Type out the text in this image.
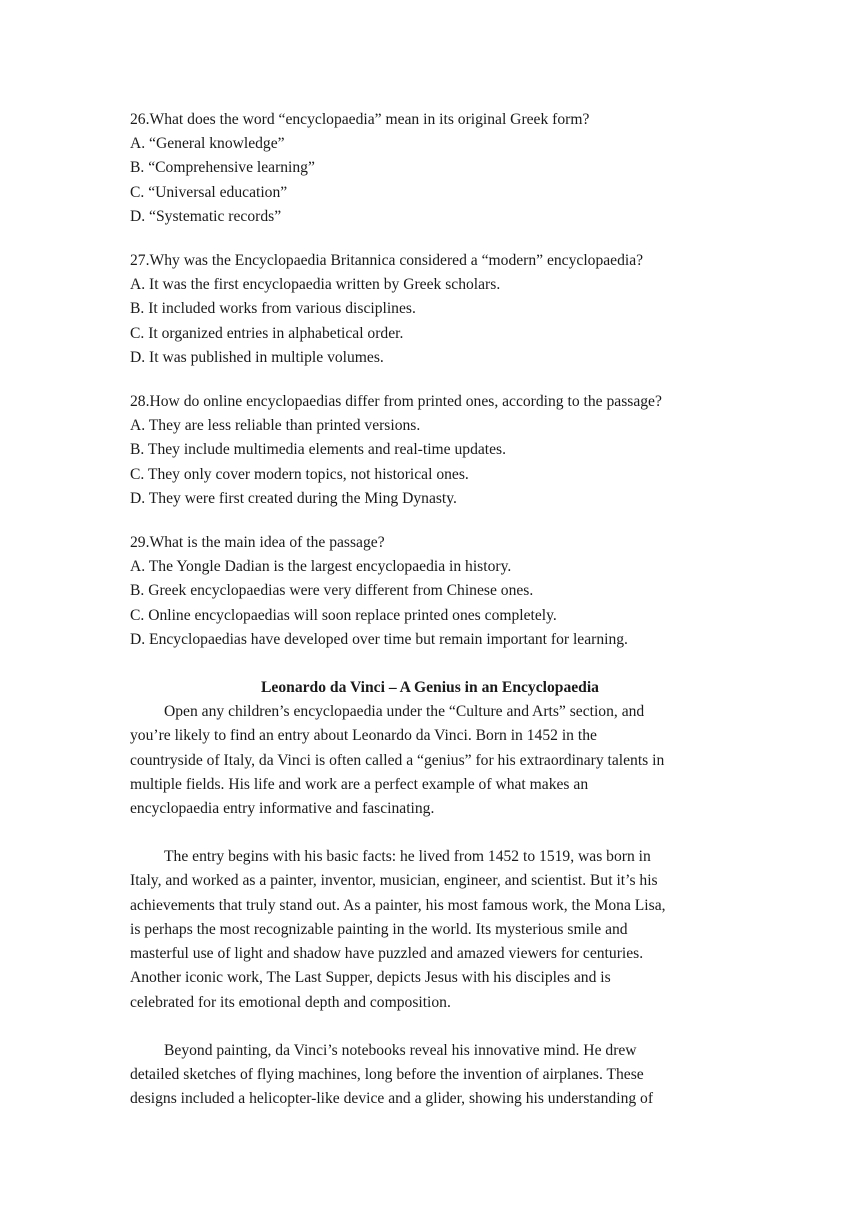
26.What does the word “encyclopaedia” mean in its original Greek form?
A. “General knowledge”
B. “Comprehensive learning”
C. “Universal education”
D. “Systematic records”
27.Why was the Encyclopaedia Britannica considered a “modern” encyclopaedia?
A. It was the first encyclopaedia written by Greek scholars.
B. It included works from various disciplines.
C. It organized entries in alphabetical order.
D. It was published in multiple volumes.
28.How do online encyclopaedias differ from printed ones, according to the passage?
A. They are less reliable than printed versions.
B. They include multimedia elements and real-time updates.
C. They only cover modern topics, not historical ones.
D. They were first created during the Ming Dynasty.
29.What is the main idea of the passage?
A. The Yongle Dadian is the largest encyclopaedia in history.
B. Greek encyclopaedias were very different from Chinese ones.
C. Online encyclopaedias will soon replace printed ones completely.
D. Encyclopaedias have developed over time but remain important for learning.
Leonardo da Vinci – A Genius in an Encyclopaedia
Open any children’s encyclopaedia under the “Culture and Arts” section, and
you’re likely to find an entry about Leonardo da Vinci. Born in 1452 in the
countryside of Italy, da Vinci is often called a “genius” for his extraordinary talents in
multiple fields. His life and work are a perfect example of what makes an
encyclopaedia entry informative and fascinating.
The entry begins with his basic facts: he lived from 1452 to 1519, was born in
Italy, and worked as a painter, inventor, musician, engineer, and scientist. But it’s his
achievements that truly stand out. As a painter, his most famous work, the Mona Lisa,
is perhaps the most recognizable painting in the world. Its mysterious smile and
masterful use of light and shadow have puzzled and amazed viewers for centuries.
Another iconic work, The Last Supper, depicts Jesus with his disciples and is
celebrated for its emotional depth and composition.
Beyond painting, da Vinci’s notebooks reveal his innovative mind. He drew
detailed sketches of flying machines, long before the invention of airplanes. These
designs included a helicopter-like device and a glider, showing his understanding of
